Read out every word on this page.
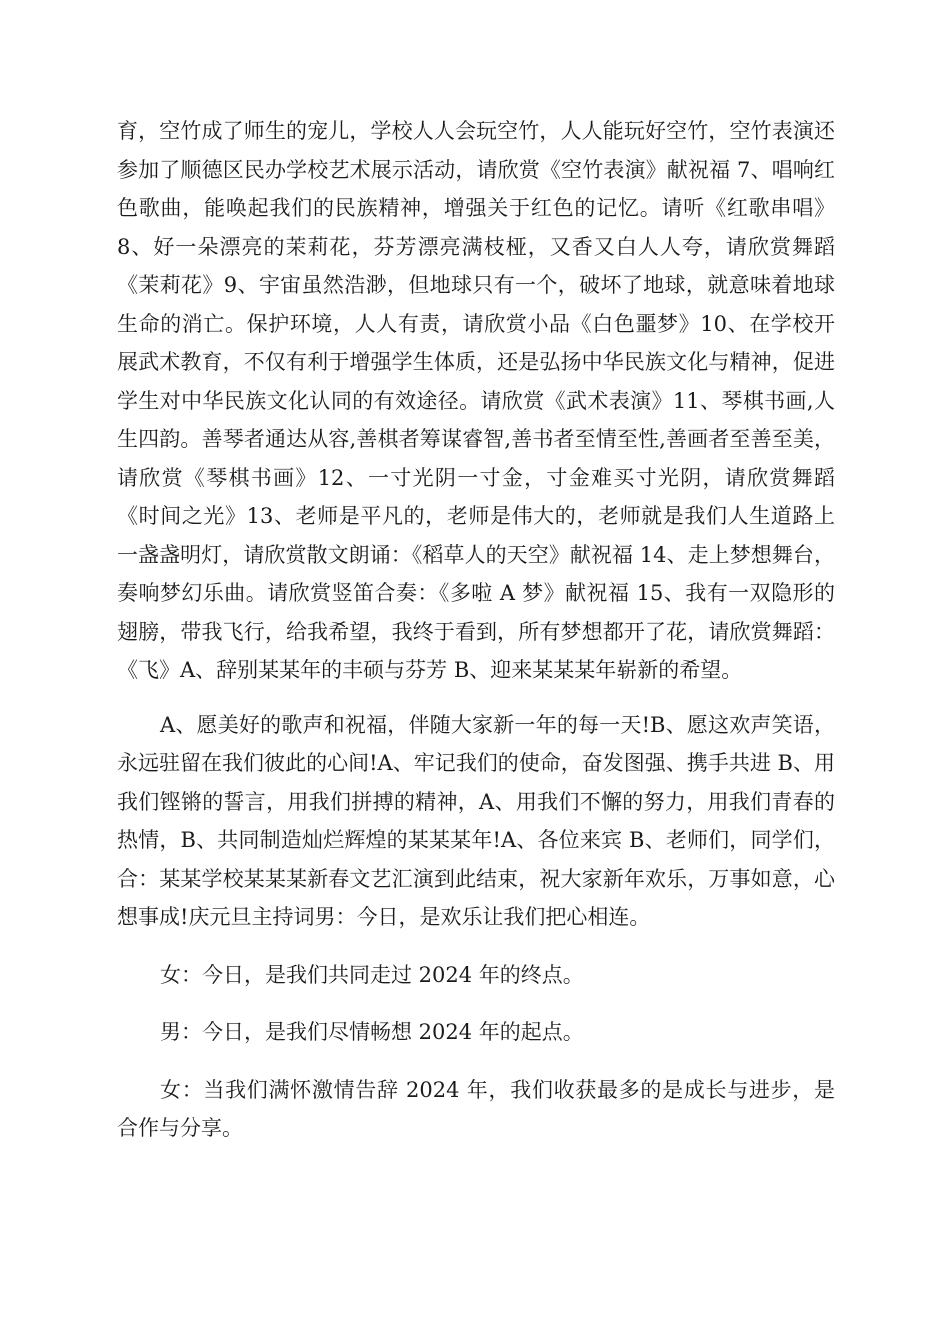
育，空竹成了师生的宠儿，学校人人会玩空竹，人人能玩好空竹，空竹表演还参加了顺德区民办学校艺术展示活动，请欣赏《空竹表演》献祝福 7、唱响红色歌曲，能唤起我们的民族精神，增强关于红色的记忆。请听《红歌串唱》8、好一朵漂亮的茉莉花，芬芳漂亮满枝桠，又香又白人人夸，请欣赏舞蹈《茉莉花》9、宇宙虽然浩渺，但地球只有一个，破坏了地球，就意味着地球生命的消亡。保护环境，人人有责，请欣赏小品《白色噩梦》10、在学校开展武术教育，不仅有利于增强学生体质，还是弘扬中华民族文化与精神，促进学生对中华民族文化认同的有效途径。请欣赏《武术表演》11、琴棋书画,人生四韵。善琴者通达从容,善棋者筹谋睿智,善书者至情至性,善画者至善至美，请欣赏《琴棋书画》12、一寸光阴一寸金，寸金难买寸光阴，请欣赏舞蹈《时间之光》13、老师是平凡的，老师是伟大的，老师就是我们人生道路上一盏盏明灯，请欣赏散文朗诵：《稻草人的天空》献祝福 14、走上梦想舞台，奏响梦幻乐曲。请欣赏竖笛合奏：《多啦 A 梦》献祝福 15、我有一双隐形的翅膀，带我飞行，给我希望，我终于看到，所有梦想都开了花，请欣赏舞蹈：《飞》A、辞别某某年的丰硕与芬芳 B、迎来某某某年崭新的希望。

A、愿美好的歌声和祝福，伴随大家新一年的每一天!B、愿这欢声笑语，永远驻留在我们彼此的心间!A、牢记我们的使命，奋发图强、携手共进 B、用我们铿锵的誓言，用我们拼搏的精神，A、用我们不懈的努力，用我们青春的热情，B、共同制造灿烂辉煌的某某某年!A、各位来宾 B、老师们，同学们，合：某某学校某某某新春文艺汇演到此结束，祝大家新年欢乐，万事如意，心想事成!庆元旦主持词男：今日，是欢乐让我们把心相连。

女：今日，是我们共同走过 2024 年的终点。

男：今日，是我们尽情畅想 2024 年的起点。

女：当我们满怀激情告辞 2024 年，我们收获最多的是成长与进步，是合作与分享。
